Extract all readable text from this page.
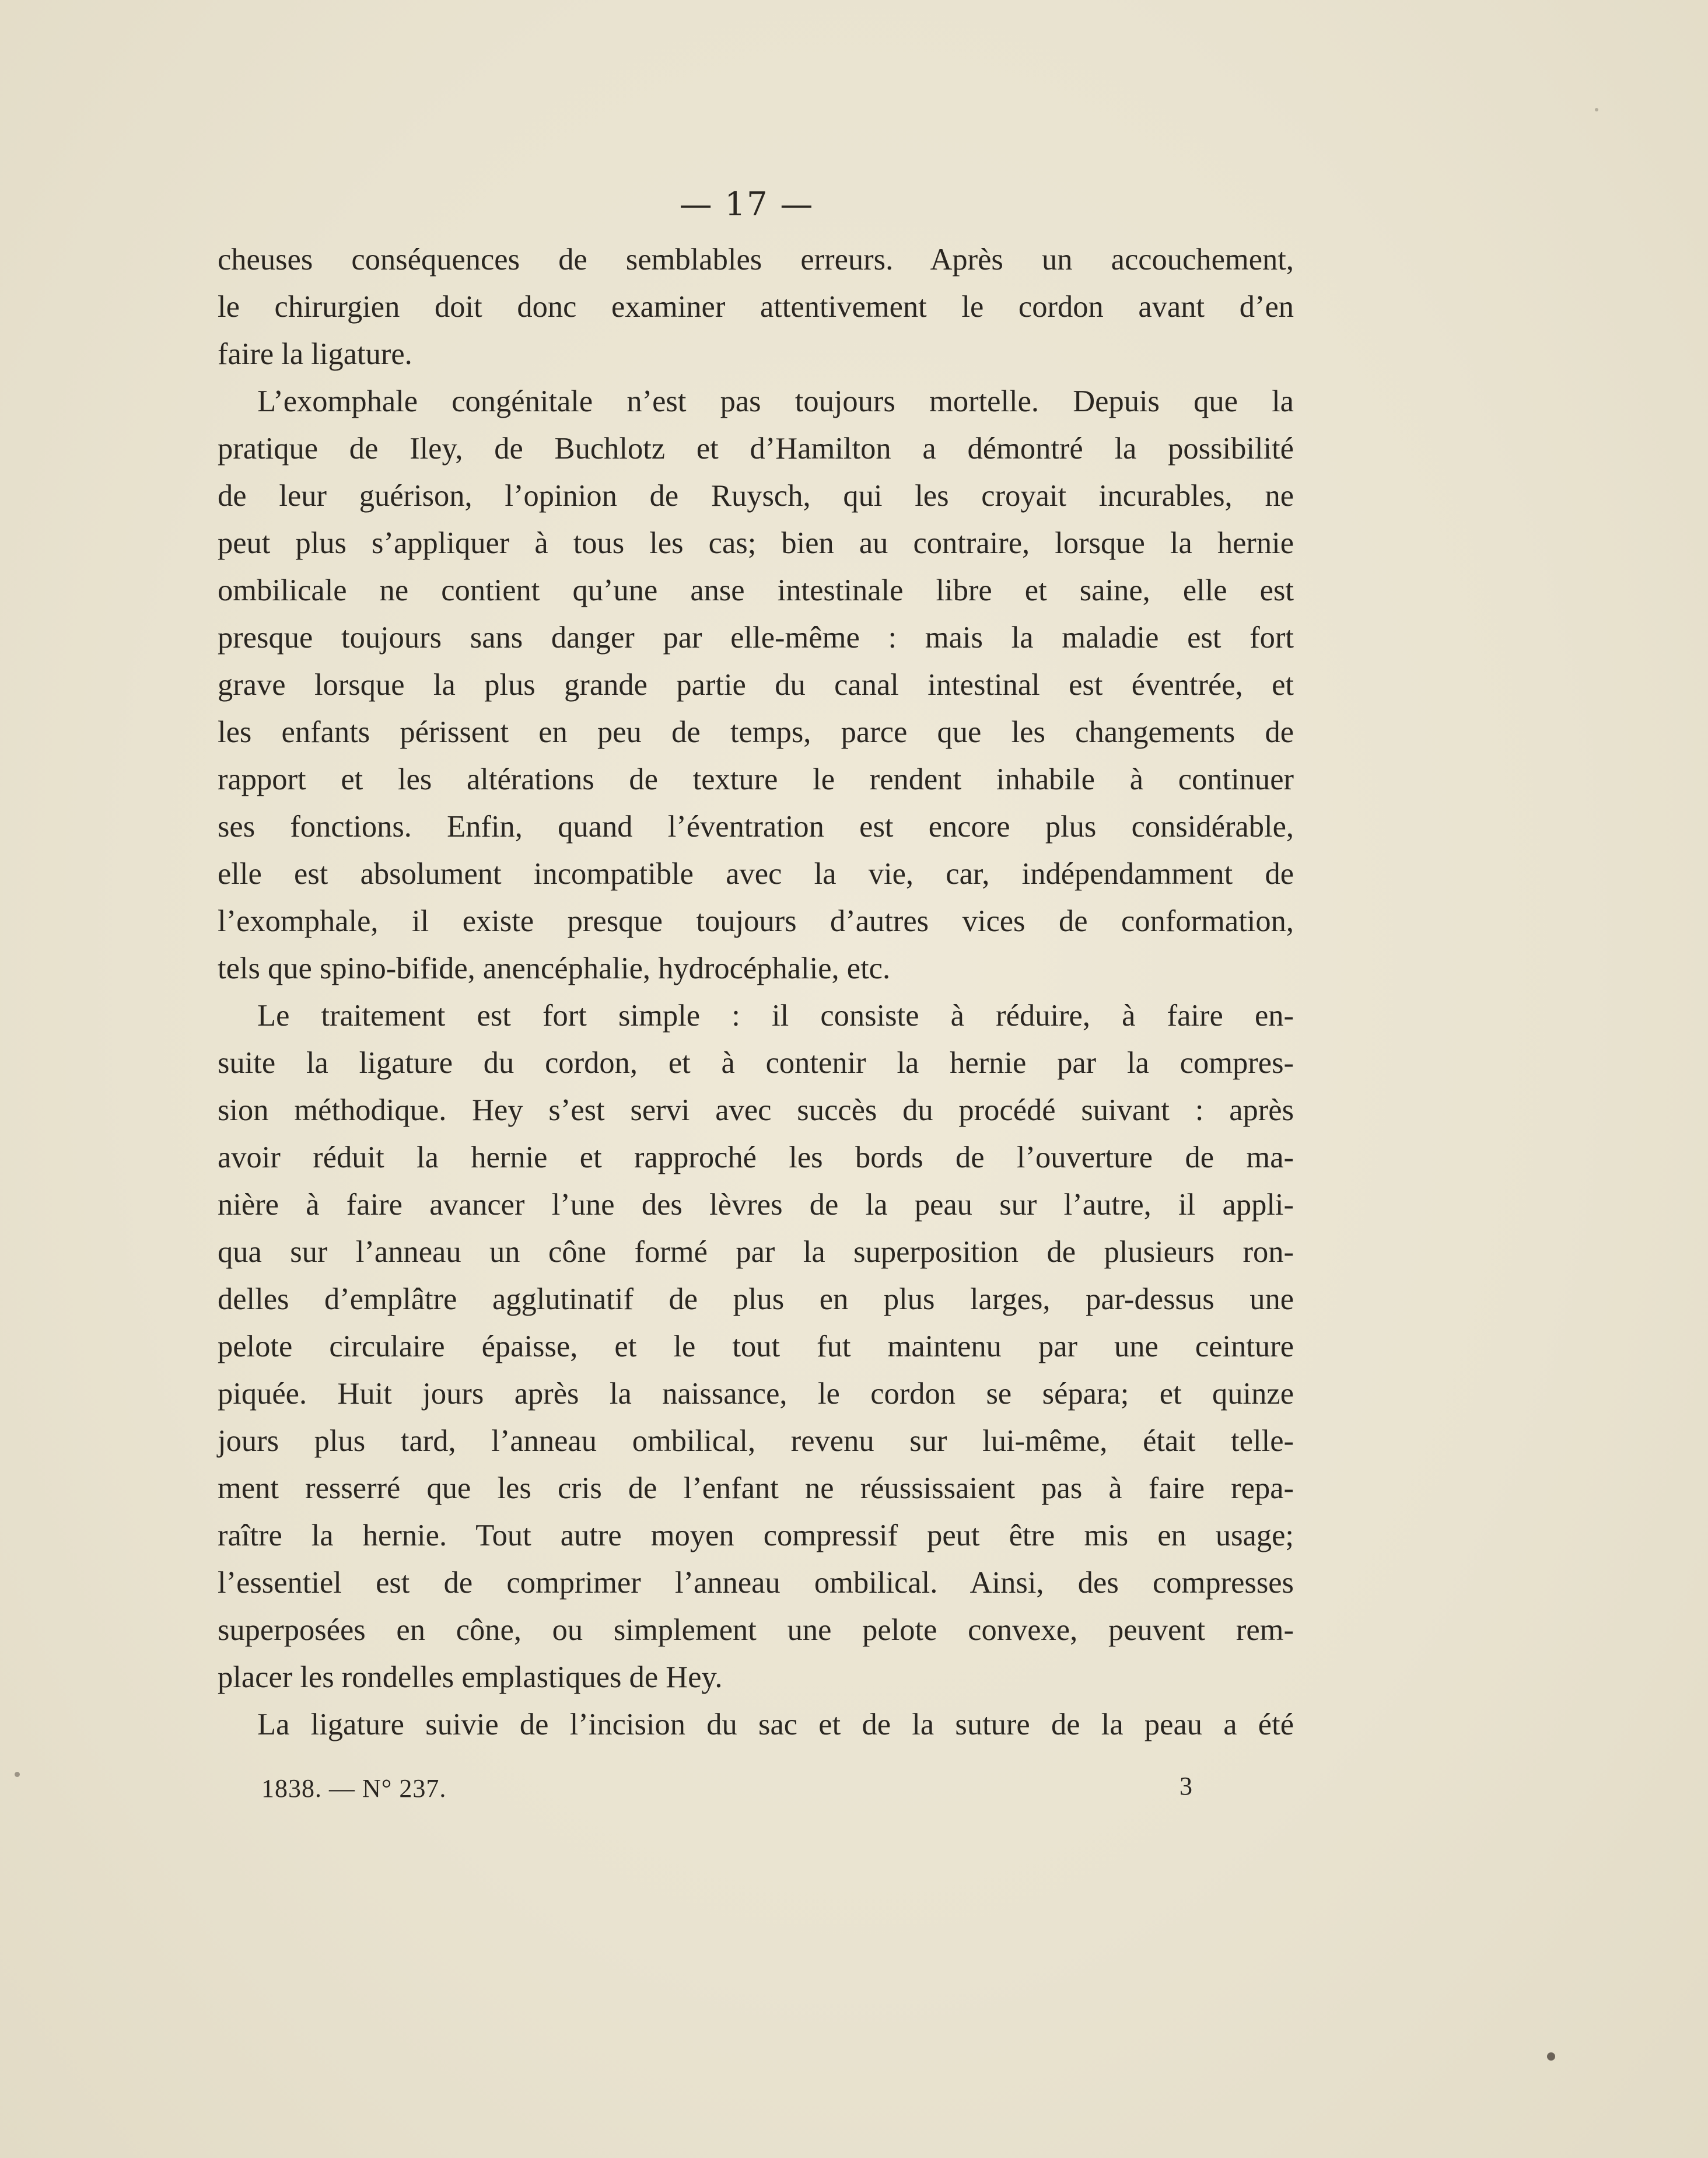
— 17 —
cheuses conséquences de semblables erreurs. Après un accouchement,
le chirurgien doit donc examiner attentivement le cordon avant d’en
faire la ligature.
L’exomphale congénitale n’est pas toujours mortelle. Depuis que la
pratique de Iley, de Buchlotz et d’Hamilton a démontré la possibilité
de leur guérison, l’opinion de Ruysch, qui les croyait incurables, ne
peut plus s’appliquer à tous les cas; bien au contraire, lorsque la hernie
ombilicale ne contient qu’une anse intestinale libre et saine, elle est
presque toujours sans danger par elle-même : mais la maladie est fort
grave lorsque la plus grande partie du canal intestinal est éventrée, et
les enfants périssent en peu de temps, parce que les changements de
rapport et les altérations de texture le rendent inhabile à continuer
ses fonctions. Enfin, quand l’éventration est encore plus considérable,
elle est absolument incompatible avec la vie, car, indépendamment de
l’exomphale, il existe presque toujours d’autres vices de conformation,
tels que spino-bifide, anencéphalie, hydrocéphalie, etc.
Le traitement est fort simple : il consiste à réduire, à faire en-
suite la ligature du cordon, et à contenir la hernie par la compres-
sion méthodique. Hey s’est servi avec succès du procédé suivant : après
avoir réduit la hernie et rapproché les bords de l’ouverture de ma-
nière à faire avancer l’une des lèvres de la peau sur l’autre, il appli-
qua sur l’anneau un cône formé par la superposition de plusieurs ron-
delles d’emplâtre agglutinatif de plus en plus larges, par-dessus une
pelote circulaire épaisse, et le tout fut maintenu par une ceinture
piquée. Huit jours après la naissance, le cordon se sépara; et quinze
jours plus tard, l’anneau ombilical, revenu sur lui-même, était telle-
ment resserré que les cris de l’enfant ne réussissaient pas à faire repa-
raître la hernie. Tout autre moyen compressif peut être mis en usage;
l’essentiel est de comprimer l’anneau ombilical. Ainsi, des compresses
superposées en cône, ou simplement une pelote convexe, peuvent rem-
placer les rondelles emplastiques de Hey.
La ligature suivie de l’incision du sac et de la suture de la peau a été
1838. — N° 237.	3
